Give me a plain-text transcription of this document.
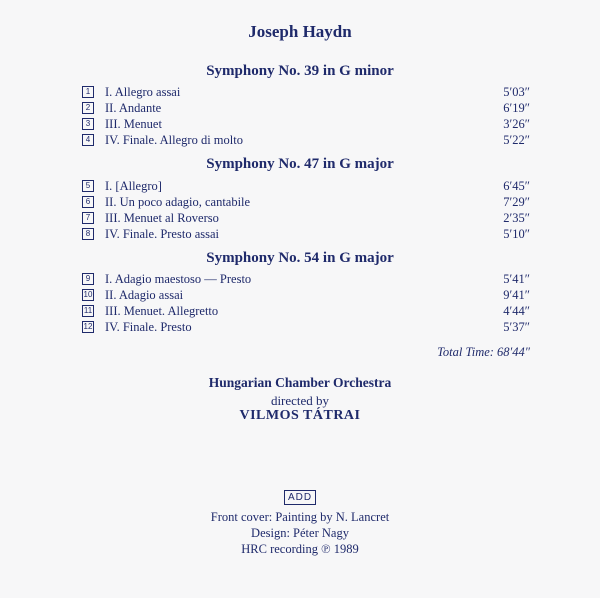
Joseph Haydn
Symphony No. 39 in G minor
1	I. Allegro assai	5′03″
2	II. Andante	6′19″
3	III. Menuet	3′26″
4	IV. Finale. Allegro di molto	5′22″
Symphony No. 47 in G major
5	I. [Allegro]	6′45″
6	II. Un poco adagio, cantabile	7′29″
7	III. Menuet al Roverso	2′35″
8	IV. Finale. Presto assai	5′10″
Symphony No. 54 in G major
9	I. Adagio maestoso — Presto	5′41″
10 II. Adagio assai	9′41″
11 III. Menuet. Allegretto	4′44″
12 IV. Finale. Presto	5′37″
Total Time: 68′44″
Hungarian Chamber Orchestra
directed by
VILMOS TÁTRAI
ADD
Front cover: Painting by N. Lancret
Design: Péter Nagy
HRC recording ℗ 1989
